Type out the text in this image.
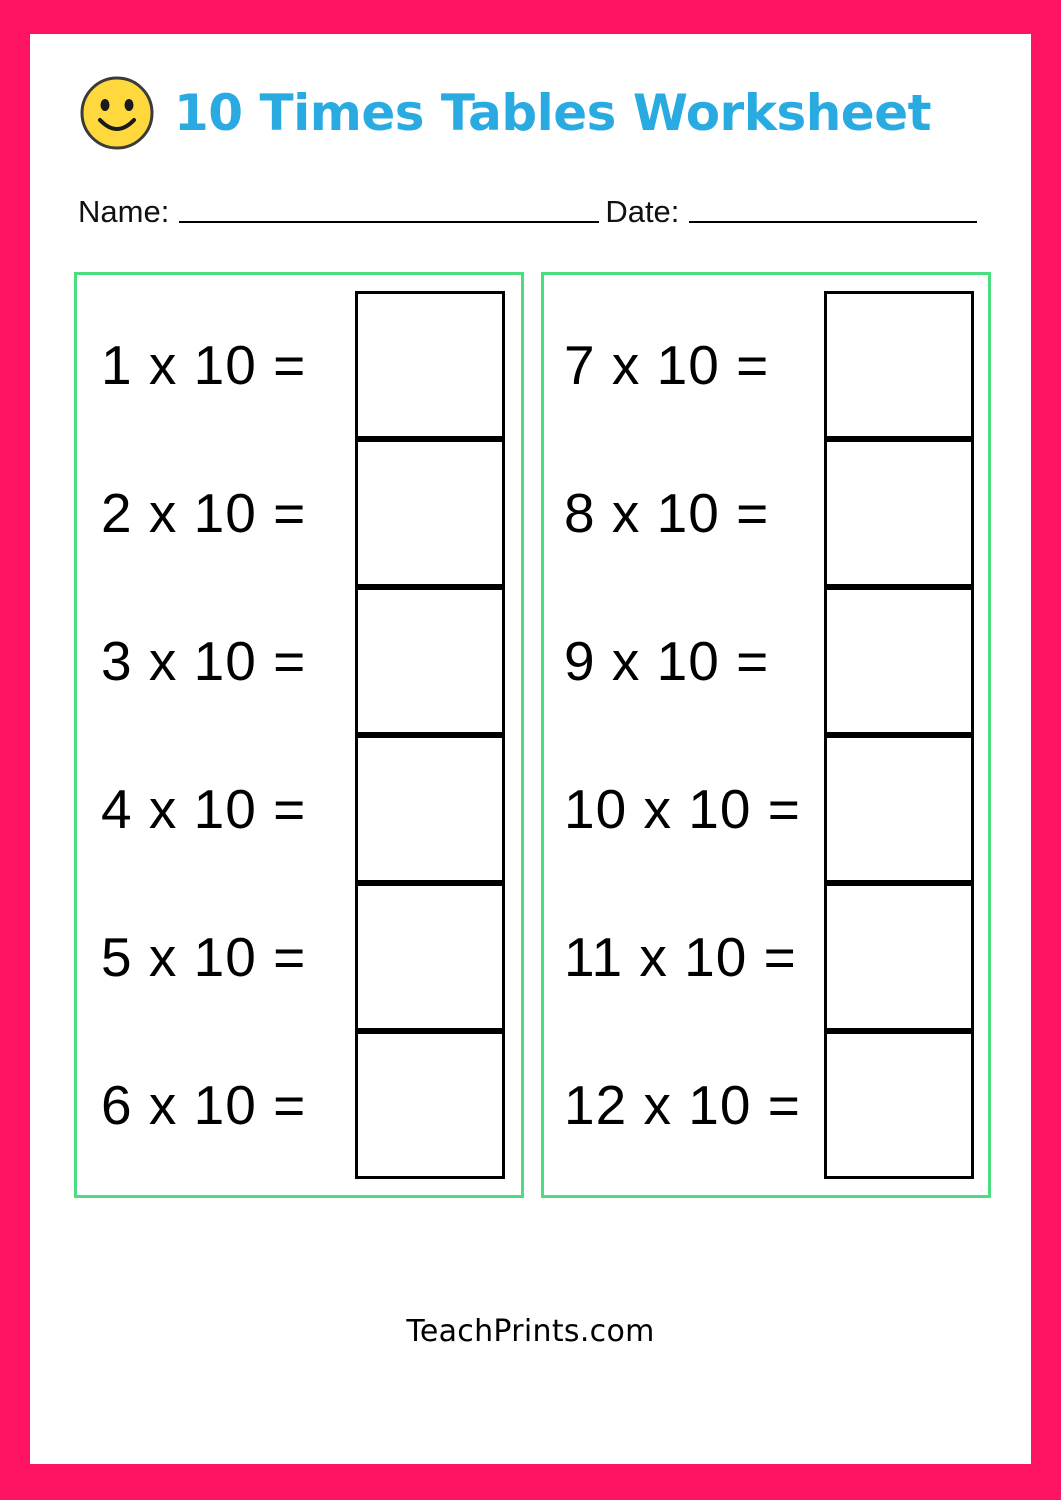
10 Times Tables Worksheet
Name:	Date:
1 x 10 =
2 x 10 =
3 x 10 =
4 x 10 =
5 x 10 =
6 x 10 =
7 x 10 =
8 x 10 =
9 x 10 =
10 x 10 =
11 x 10 =
12 x 10 =
TeachPrints.com
